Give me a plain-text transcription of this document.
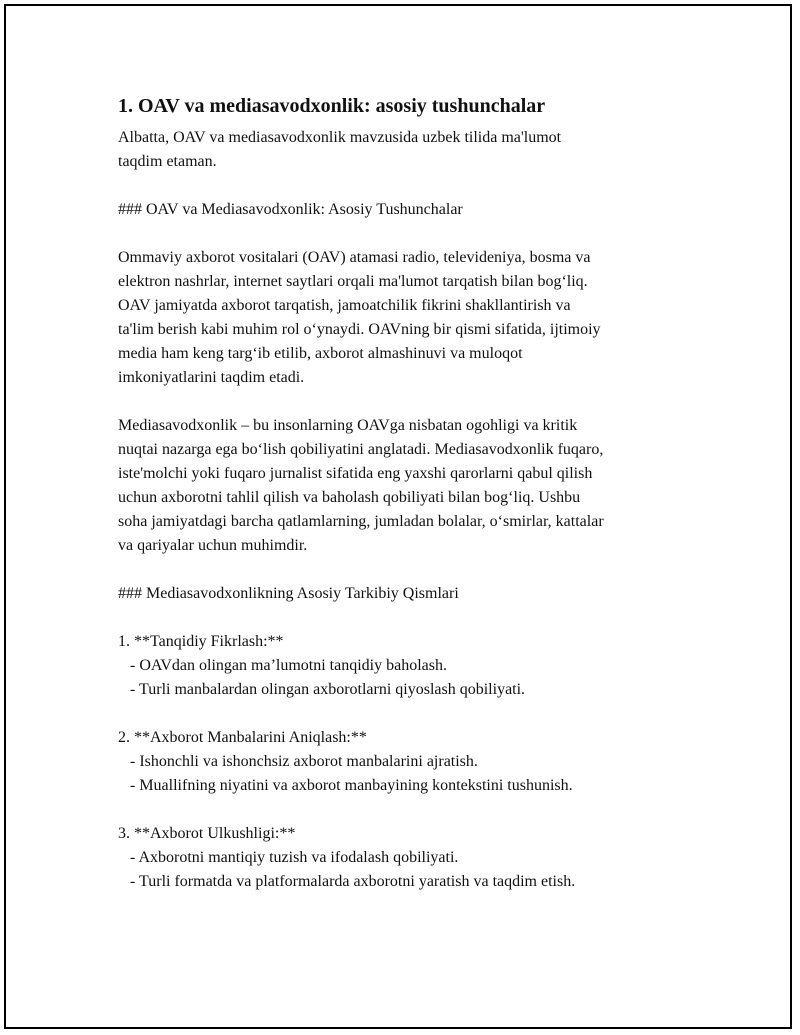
1. OAV va mediasavodxonlik: asosiy tushunchalar

Albatta, OAV va mediasavodxonlik mavzusida uzbek tilida ma'lumot

taqdim etaman.

### OAV va Mediasavodxonlik: Asosiy Tushunchalar

Ommaviy axborot vositalari (OAV) atamasi radio, televideniya, bosma va

elektron nashrlar, internet saytlari orqali ma'lumot tarqatish bilan bog‘liq.

OAV jamiyatda axborot tarqatish, jamoatchilik fikrini shakllantirish va

ta'lim berish kabi muhim rol o‘ynaydi. OAVning bir qismi sifatida, ijtimoiy

media ham keng targ‘ib etilib, axborot almashinuvi va muloqot

imkoniyatlarini taqdim etadi.

Mediasavodxonlik – bu insonlarning OAVga nisbatan ogohligi va kritik

nuqtai nazarga ega bo‘lish qobiliyatini anglatadi. Mediasavodxonlik fuqaro,

iste'molchi yoki fuqaro jurnalist sifatida eng yaxshi qarorlarni qabul qilish

uchun axborotni tahlil qilish va baholash qobiliyati bilan bog‘liq. Ushbu

soha jamiyatdagi barcha qatlamlarning, jumladan bolalar, o‘smirlar, kattalar

va qariyalar uchun muhimdir.

### Mediasavodxonlikning Asosiy Tarkibiy Qismlari

1. **Tanqidiy Fikrlash:**

- OAVdan olingan ma’lumotni tanqidiy baholash.

- Turli manbalardan olingan axborotlarni qiyoslash qobiliyati.

2. **Axborot Manbalarini Aniqlash:**

- Ishonchli va ishonchsiz axborot manbalarini ajratish.

- Muallifning niyatini va axborot manbayining kontekstini tushunish.

3. **Axborot Ulkushligi:**

- Axborotni mantiqiy tuzish va ifodalash qobiliyati.

- Turli formatda va platformalarda axborotni yaratish va taqdim etish.
